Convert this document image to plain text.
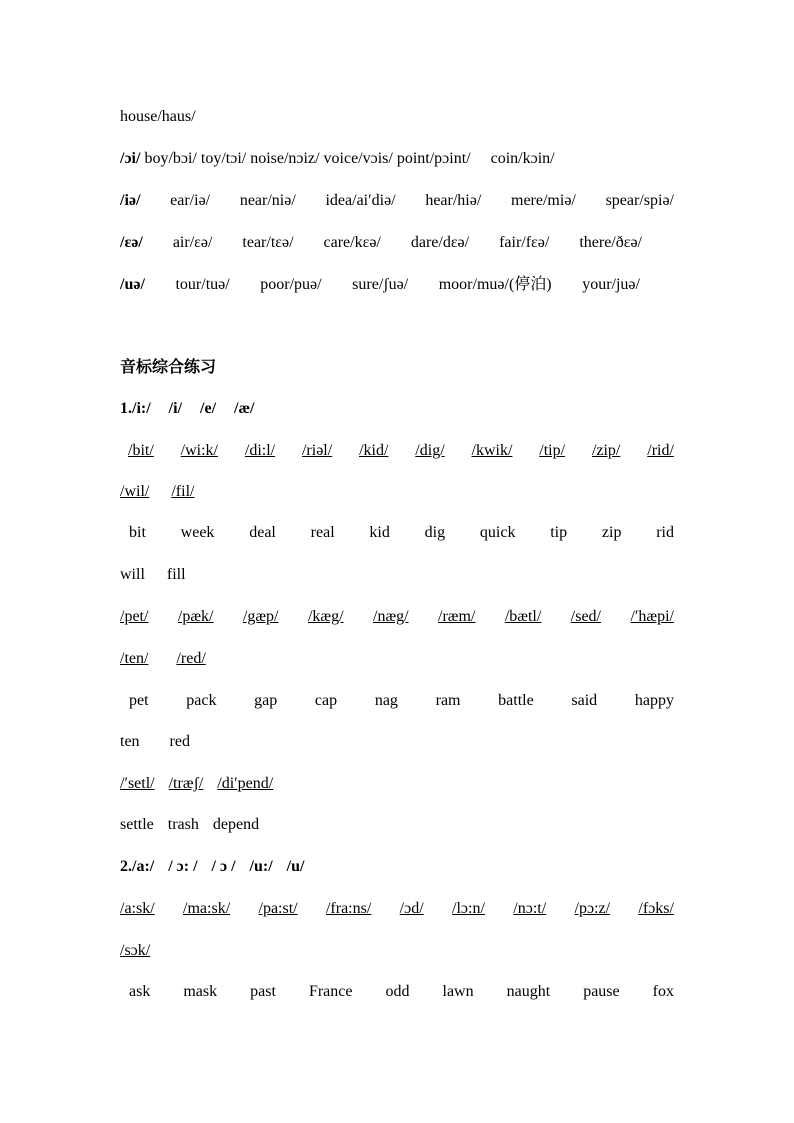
house/haus/
/ɔi/ boy/bɔi/ toy/tɔi/ noise/nɔiz/ voice/vɔis/ point/pɔint/ coin/kɔin/
/iə/ ear/iə/ near/niə/ idea/ai′diə/ hear/hiə/ mere/miə/ spear/spiə/
/ɛə/ air/ɛə/ tear/tɛə/ care/kɛə/ dare/dɛə/ fair/fɛə/ there/ðɛə/
/uə/ tour/tuə/ poor/puə/ sure/ʃuə/ moor/muə/(停泊) your/juə/
音标综合练习
1. /i:/ /i/ /e/ /æ/
/bit/ /wi:k/ /di:l/ /riəl/ /kid/ /dig/ /kwik/ /tip/ /zip/ /rid/
/wil/ /fil/
bit week deal real kid dig quick tip zip rid
will fill
/pet/ /pæk/ /gæp/ /kæg/ /næg/ /ræm/ /bætl/ /sed/ /′hæpi/
/ten/ /red/
pet pack gap cap nag ram battle said happy
ten red
/′setl/ /træʃ/ /di′pend/
settle trash depend
2. /a:/ / ɔ: / / ɔ / /u:/ /u/
/a:sk/ /ma:sk/ /pa:st/ /fra:ns/ /ɔd/ /lɔ:n/ /nɔ:t/ /pɔ:z/ /fɔks/
/sɔk/
ask mask past France odd lawn naught pause fox
